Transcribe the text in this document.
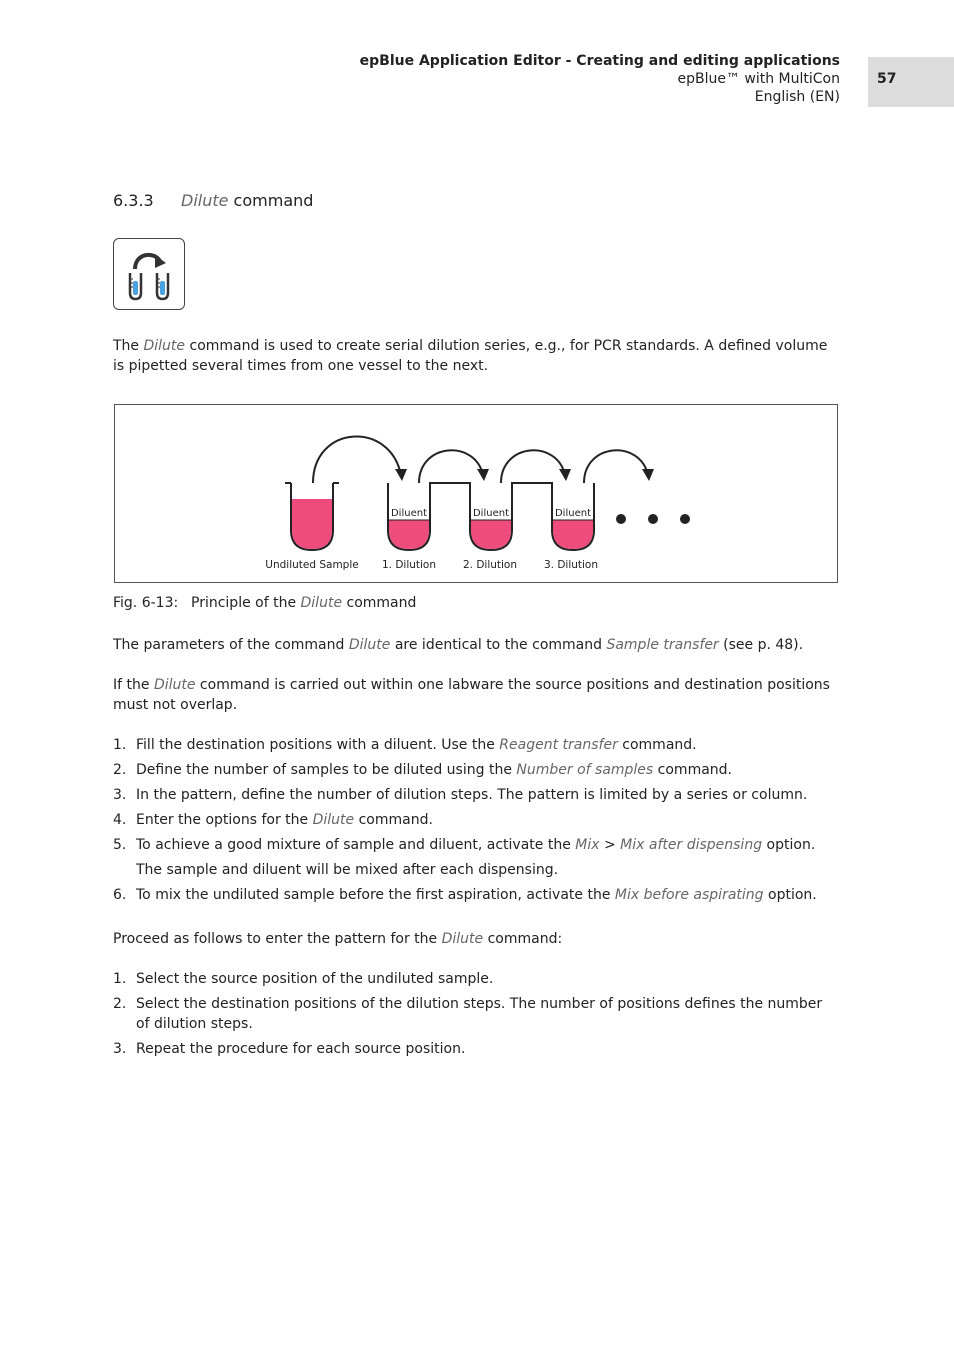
epBlue Application Editor - Creating and editing applications
epBlue™ with MultiCon
English (EN)
57
6.3.3 Dilute command
The Dilute command is used to create serial dilution series, e.g., for PCR standards. A defined volume is pipetted several times from one vessel to the next.
Diluent	Diluent	Diluent
Undiluted Sample 1. Dilution	2. Dilution	3. Dilution
Fig. 6-13: Principle of the Dilute command
The parameters of the command Dilute are identical to the command Sample transfer (see p. 48).
If the Dilute command is carried out within one labware the source positions and destination positions must not overlap.
1. Fill the destination positions with a diluent. Use the Reagent transfer command.
2. Define the number of samples to be diluted using the Number of samples command.
3. In the pattern, define the number of dilution steps. The pattern is limited by a series or column.
4. Enter the options for the Dilute command.
5. To achieve a good mixture of sample and diluent, activate the Mix > Mix after dispensing option.
The sample and diluent will be mixed after each dispensing.
6. To mix the undiluted sample before the first aspiration, activate the Mix before aspirating option.
Proceed as follows to enter the pattern for the Dilute command:
1. Select the source position of the undiluted sample.
2. Select the destination positions of the dilution steps. The number of positions defines the number of dilution steps.
3. Repeat the procedure for each source position.
